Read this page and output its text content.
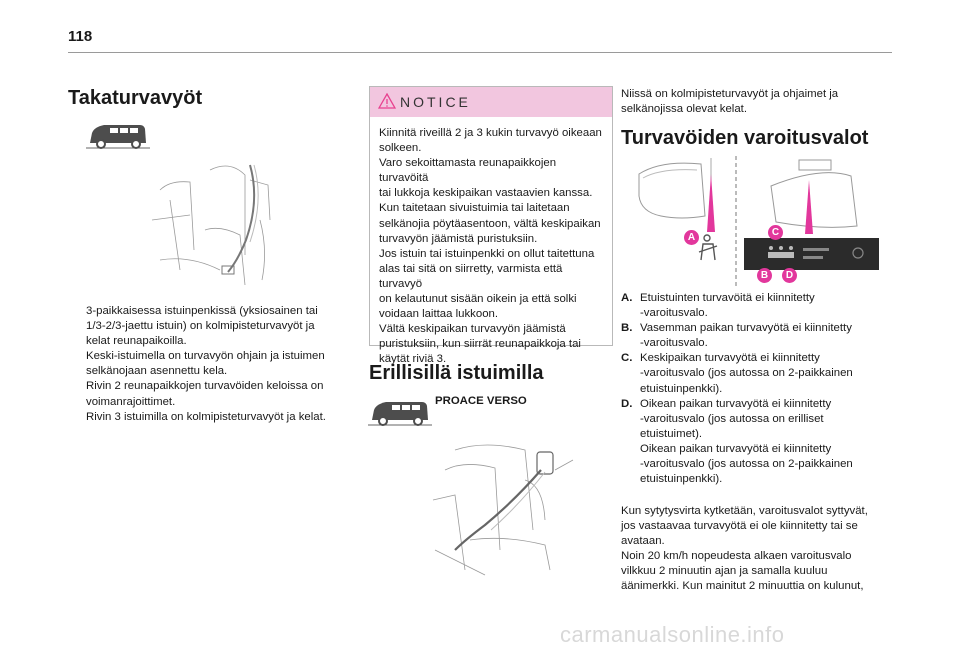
118
Takaturvavyöt

3-paikkaisessa istuinpenkissä (yksiosainen tai

1/3-2/3-jaettu istuin) on kolmipisteturvavyöt ja

kelat reunapaikoilla.

Keski-istuimella on turvavyön ohjain ja istuimen

selkänojaan asennettu kela.

Rivin 2 reunapaikkojen turvavöiden keloissa on

voimanrajoittimet.

Rivin 3 istuimilla on kolmipisteturvavyöt ja kelat.

NOTICE

Kiinnitä riveillä 2 ja 3 kukin turvavyö oikeaan

solkeen.

Varo sekoittamasta reunapaikkojen turvavöitä

tai lukkoja keskipaikan vastaavien kanssa.

Kun taitetaan sivuistuimia tai laitetaan

selkänojia pöytäasentoon, vältä keskipaikan

turvavyön jäämistä puristuksiin.

Jos istuin tai istuinpenkki on ollut taitettuna

alas tai sitä on siirretty, varmista että turvavyö

on kelautunut sisään oikein ja että solki

voidaan laittaa lukkoon.

Vältä keskipaikan turvavyön jäämistä

puristuksiin, kun siirrät reunapaikkoja tai

käytät riviä 3.

Erillisillä istuimilla
PROACE VERSO

Niissä on kolmipisteturvavyöt ja ohjaimet ja

selkänojissa olevat kelat.

Turvavöiden varoitusvalot
A	C
B	D
A. Etuistuinten turvavöitä ei kiinnitetty
-varoitusvalo.
B. Vasemman paikan turvavyötä ei kiinnitetty
-varoitusvalo.
C. Keskipaikan turvavyötä ei kiinnitetty
-varoitusvalo (jos autossa on 2-paikkainen
etuistuinpenkki).
D. Oikean paikan turvavyötä ei kiinnitetty
-varoitusvalo (jos autossa on erilliset
etuistuimet).
Oikean paikan turvavyötä ei kiinnitetty
-varoitusvalo (jos autossa on 2-paikkainen
etuistuinpenkki).

Kun sytytysvirta kytketään, varoitusvalot syttyvät,

jos vastaavaa turvavyötä ei ole kiinnitetty tai se

avataan.

Noin 20 km/h nopeudesta alkaen varoitusvalo

vilkkuu 2 minuutin ajan ja samalla kuuluu

äänimerkki. Kun mainitut 2 minuuttia on kulunut,

carmanualsonline.info
